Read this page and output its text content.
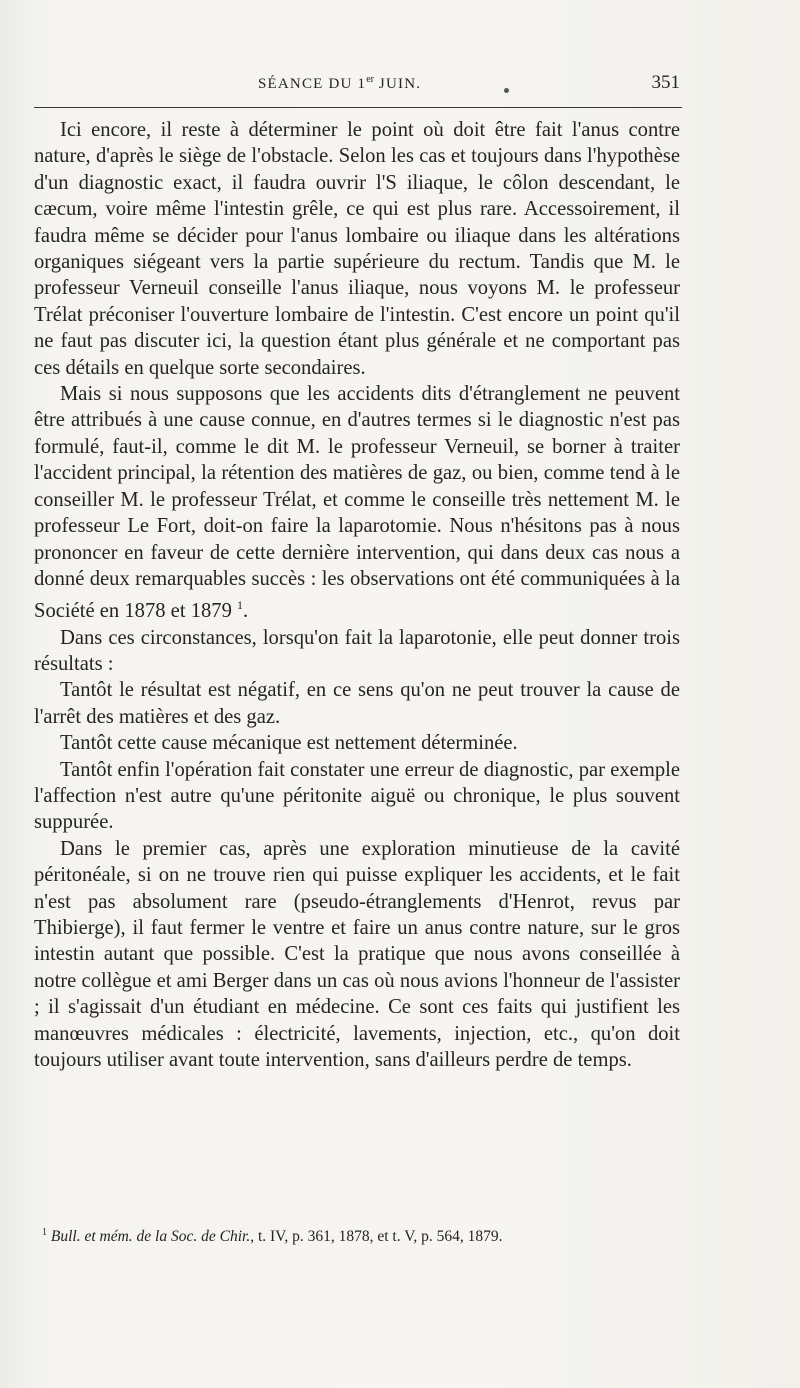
SÉANCE DU 1er JUIN.	351

Ici encore, il reste à déterminer le point où doit être fait l'anus contre nature, d'après le siège de l'obstacle. Selon les cas et toujours dans l'hypothèse d'un diagnostic exact, il faudra ouvrir l'S iliaque, le côlon descendant, le cæcum, voire même l'intestin grêle, ce qui est plus rare. Accessoirement, il faudra même se décider pour l'anus lombaire ou iliaque dans les altérations organiques siégeant vers la partie supérieure du rectum. Tandis que M. le professeur Verneuil conseille l'anus iliaque, nous voyons M. le professeur Trélat préconiser l'ouverture lombaire de l'intestin. C'est encore un point qu'il ne faut pas discuter ici, la question étant plus générale et ne comportant pas ces détails en quelque sorte secondaires.

Mais si nous supposons que les accidents dits d'étranglement ne peuvent être attribués à une cause connue, en d'autres termes si le diagnostic n'est pas formulé, faut-il, comme le dit M. le professeur Verneuil, se borner à traiter l'accident principal, la rétention des matières de gaz, ou bien, comme tend à le conseiller M. le professeur Trélat, et comme le conseille très nettement M. le professeur Le Fort, doit-on faire la laparotomie. Nous n'hésitons pas à nous prononcer en faveur de cette dernière intervention, qui dans deux cas nous a donné deux remarquables succès : les observations ont été communiquées à la Société en 1878 et 1879 $^1$.

Dans ces circonstances, lorsqu'on fait la laparotonie, elle peut donner trois résultats :

Tantôt le résultat est négatif, en ce sens qu'on ne peut trouver la cause de l'arrêt des matières et des gaz.

Tantôt cette cause mécanique est nettement déterminée.

Tantôt enfin l'opération fait constater une erreur de diagnostic, par exemple l'affection n'est autre qu'une péritonite aiguë ou chronique, le plus souvent suppurée.

Dans le premier cas, après une exploration minutieuse de la cavité péritonéale, si on ne trouve rien qui puisse expliquer les accidents, et le fait n'est pas absolument rare (pseudo-étranglements d'Henrot, revus par Thibierge), il faut fermer le ventre et faire un anus contre nature, sur le gros intestin autant que possible. C'est la pratique que nous avons conseillée à notre collègue et ami Berger dans un cas où nous avions l'honneur de l'assister ; il s'agissait d'un étudiant en médecine. Ce sont ces faits qui justifient les manœuvres médicales : électricité, lavements, injection, etc., qu'on doit toujours utiliser avant toute intervention, sans d'ailleurs perdre de temps.

$^1$ Bull. et mém. de la Soc. de Chir., t. IV, p. 361, 1878, et t. V, p. 564, 1879.
